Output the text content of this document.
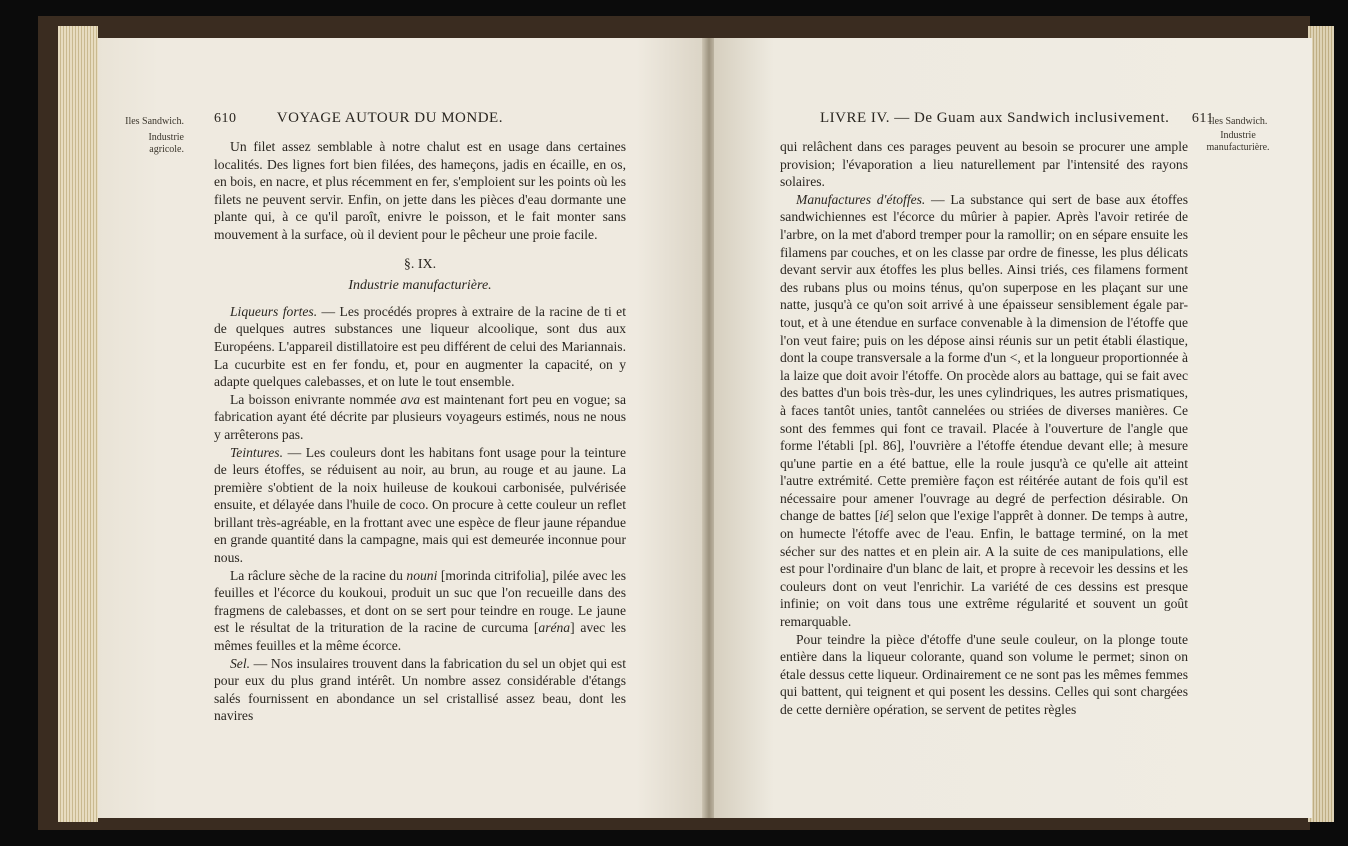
610	VOYAGE AUTOUR DU MONDE.

Un filet assez semblable à notre chalut est en usage dans certaines localités. Des lignes fort bien filées, des hameçons, jadis en écaille, en os, en bois, en nacre, et plus récemment en fer, s'emploient sur les points où les filets ne peuvent servir. Enfin, on jette dans les pièces d'eau dormante une plante qui, à ce qu'il paroît, enivre le poisson, et le fait monter sans mouvement à la surface, où il devient pour le pêcheur une proie facile.

§. IX.
Industrie manufacturière.

Liqueurs fortes. — Les procédés propres à extraire de la racine de ti et de quelques autres substances une liqueur alcoolique, sont dus aux Européens. L'appareil distillatoire est peu différent de celui des Mariannais. La cucurbite est en fer fondu, et, pour en augmenter la capacité, on y adapte quelques calebasses, et on lute le tout ensemble.

La boisson enivrante nommée ava est maintenant fort peu en vogue; sa fabrication ayant été décrite par plusieurs voyageurs estimés, nous ne nous y arrêterons pas.

Teintures. — Les couleurs dont les habitans font usage pour la teinture de leurs étoffes, se réduisent au noir, au brun, au rouge et au jaune. La première s'obtient de la noix huileuse de koukoui carbonisée, pulvérisée ensuite, et délayée dans l'huile de coco. On procure à cette couleur un reflet brillant très-agréable, en la frottant avec une espèce de fleur jaune répandue en grande quantité dans la campagne, mais qui est demeurée inconnue pour nous.

La râclure sèche de la racine du nouni [morinda citrifolia], pilée avec les feuilles et l'écorce du koukoui, produit un suc que l'on recueille dans des fragmens de calebasses, et dont on se sert pour teindre en rouge. Le jaune est le résultat de la trituration de la racine de curcuma [aréna] avec les mêmes feuilles et la même écorce.

Sel. — Nos insulaires trouvent dans la fabrication du sel un objet qui est pour eux du plus grand intérêt. Un nombre assez considérable d'étangs salés fournissent en abondance un sel cristallisé assez beau, dont les navires

Iles Sandwich.
Industrie
agricole.
LIVRE IV. — De Guam aux Sandwich inclusivement. 611

qui relâchent dans ces parages peuvent au besoin se procurer une ample provision; l'évaporation a lieu naturellement par l'intensité des rayons solaires.

Manufactures d'étoffes. — La substance qui sert de base aux étoffes sandwichiennes est l'écorce du mûrier à papier. Après l'avoir retirée de l'arbre, on la met d'abord tremper pour la ramollir; on en sépare ensuite les filamens par couches, et on les classe par ordre de finesse, les plus délicats devant servir aux étoffes les plus belles. Ainsi triés, ces filamens forment des rubans plus ou moins ténus, qu'on superpose en les plaçant sur une natte, jusqu'à ce qu'on soit arrivé à une épaisseur sensiblement égale par-tout, et à une étendue en surface convenable à la dimension de l'étoffe que l'on veut faire; puis on les dépose ainsi réunis sur un petit établi élastique, dont la coupe transversale a la forme d'un <, et la longueur proportionnée à la laize que doit avoir l'étoffe. On procède alors au battage, qui se fait avec des battes d'un bois très-dur, les unes cylindriques, les autres prismatiques, à faces tantôt unies, tantôt cannelées ou striées de diverses manières. Ce sont des femmes qui font ce travail. Placée à l'ouverture de l'angle que forme l'établi [pl. 86], l'ouvrière a l'étoffe étendue devant elle; à mesure qu'une partie en a été battue, elle la roule jusqu'à ce qu'elle ait atteint l'autre extrémité. Cette première façon est réitérée autant de fois qu'il est nécessaire pour amener l'ouvrage au degré de perfection désirable. On change de battes [ié] selon que l'exige l'apprêt à donner. De temps à autre, on humecte l'étoffe avec de l'eau. Enfin, le battage terminé, on la met sécher sur des nattes et en plein air. A la suite de ces manipulations, elle est pour l'ordinaire d'un blanc de lait, et propre à recevoir les dessins et les couleurs dont on veut l'enrichir. La variété de ces dessins est presque infinie; on voit dans tous une extrême régularité et souvent un goût remarquable.

Pour teindre la pièce d'étoffe d'une seule couleur, on la plonge toute entière dans la liqueur colorante, quand son volume le permet; sinon on étale dessus cette liqueur. Ordinairement ce ne sont pas les mêmes femmes qui battent, qui teignent et qui posent les dessins. Celles qui sont chargées de cette dernière opération, se servent de petites règles

Iles Sandwich.
Industrie
manufacturière.
